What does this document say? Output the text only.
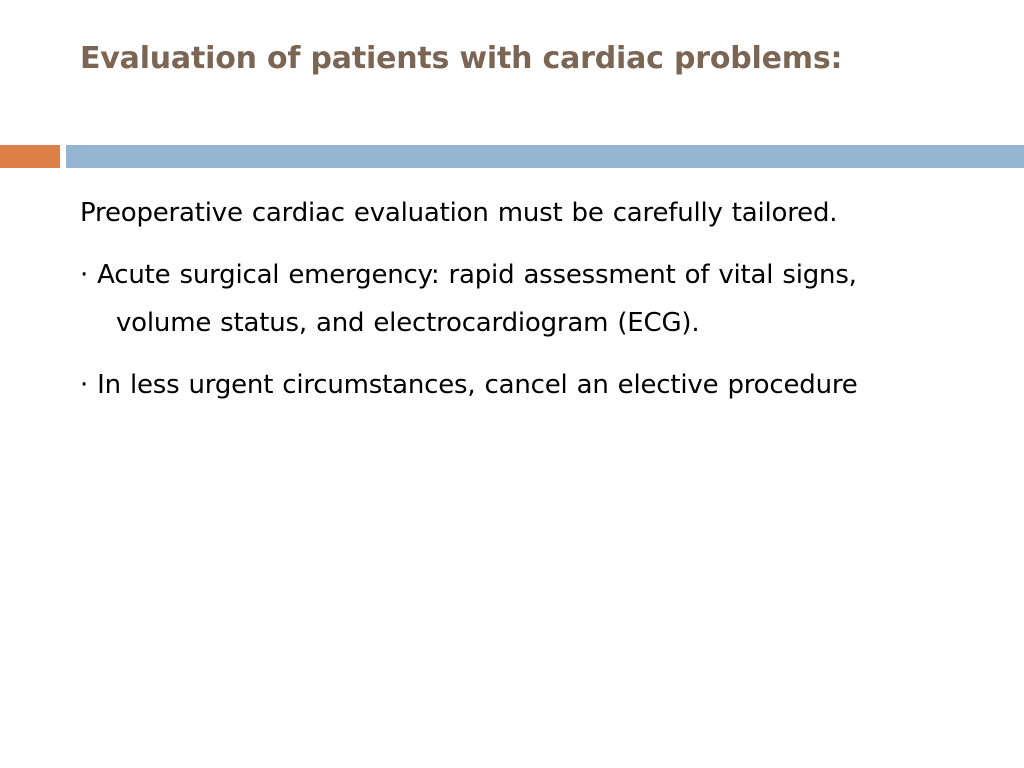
Evaluation of patients with cardiac problems:
Preoperative cardiac evaluation must be carefully tailored.
· Acute surgical emergency: rapid assessment of vital signs, volume status, and electrocardiogram (ECG).
· In less urgent circumstances, cancel an elective procedure
